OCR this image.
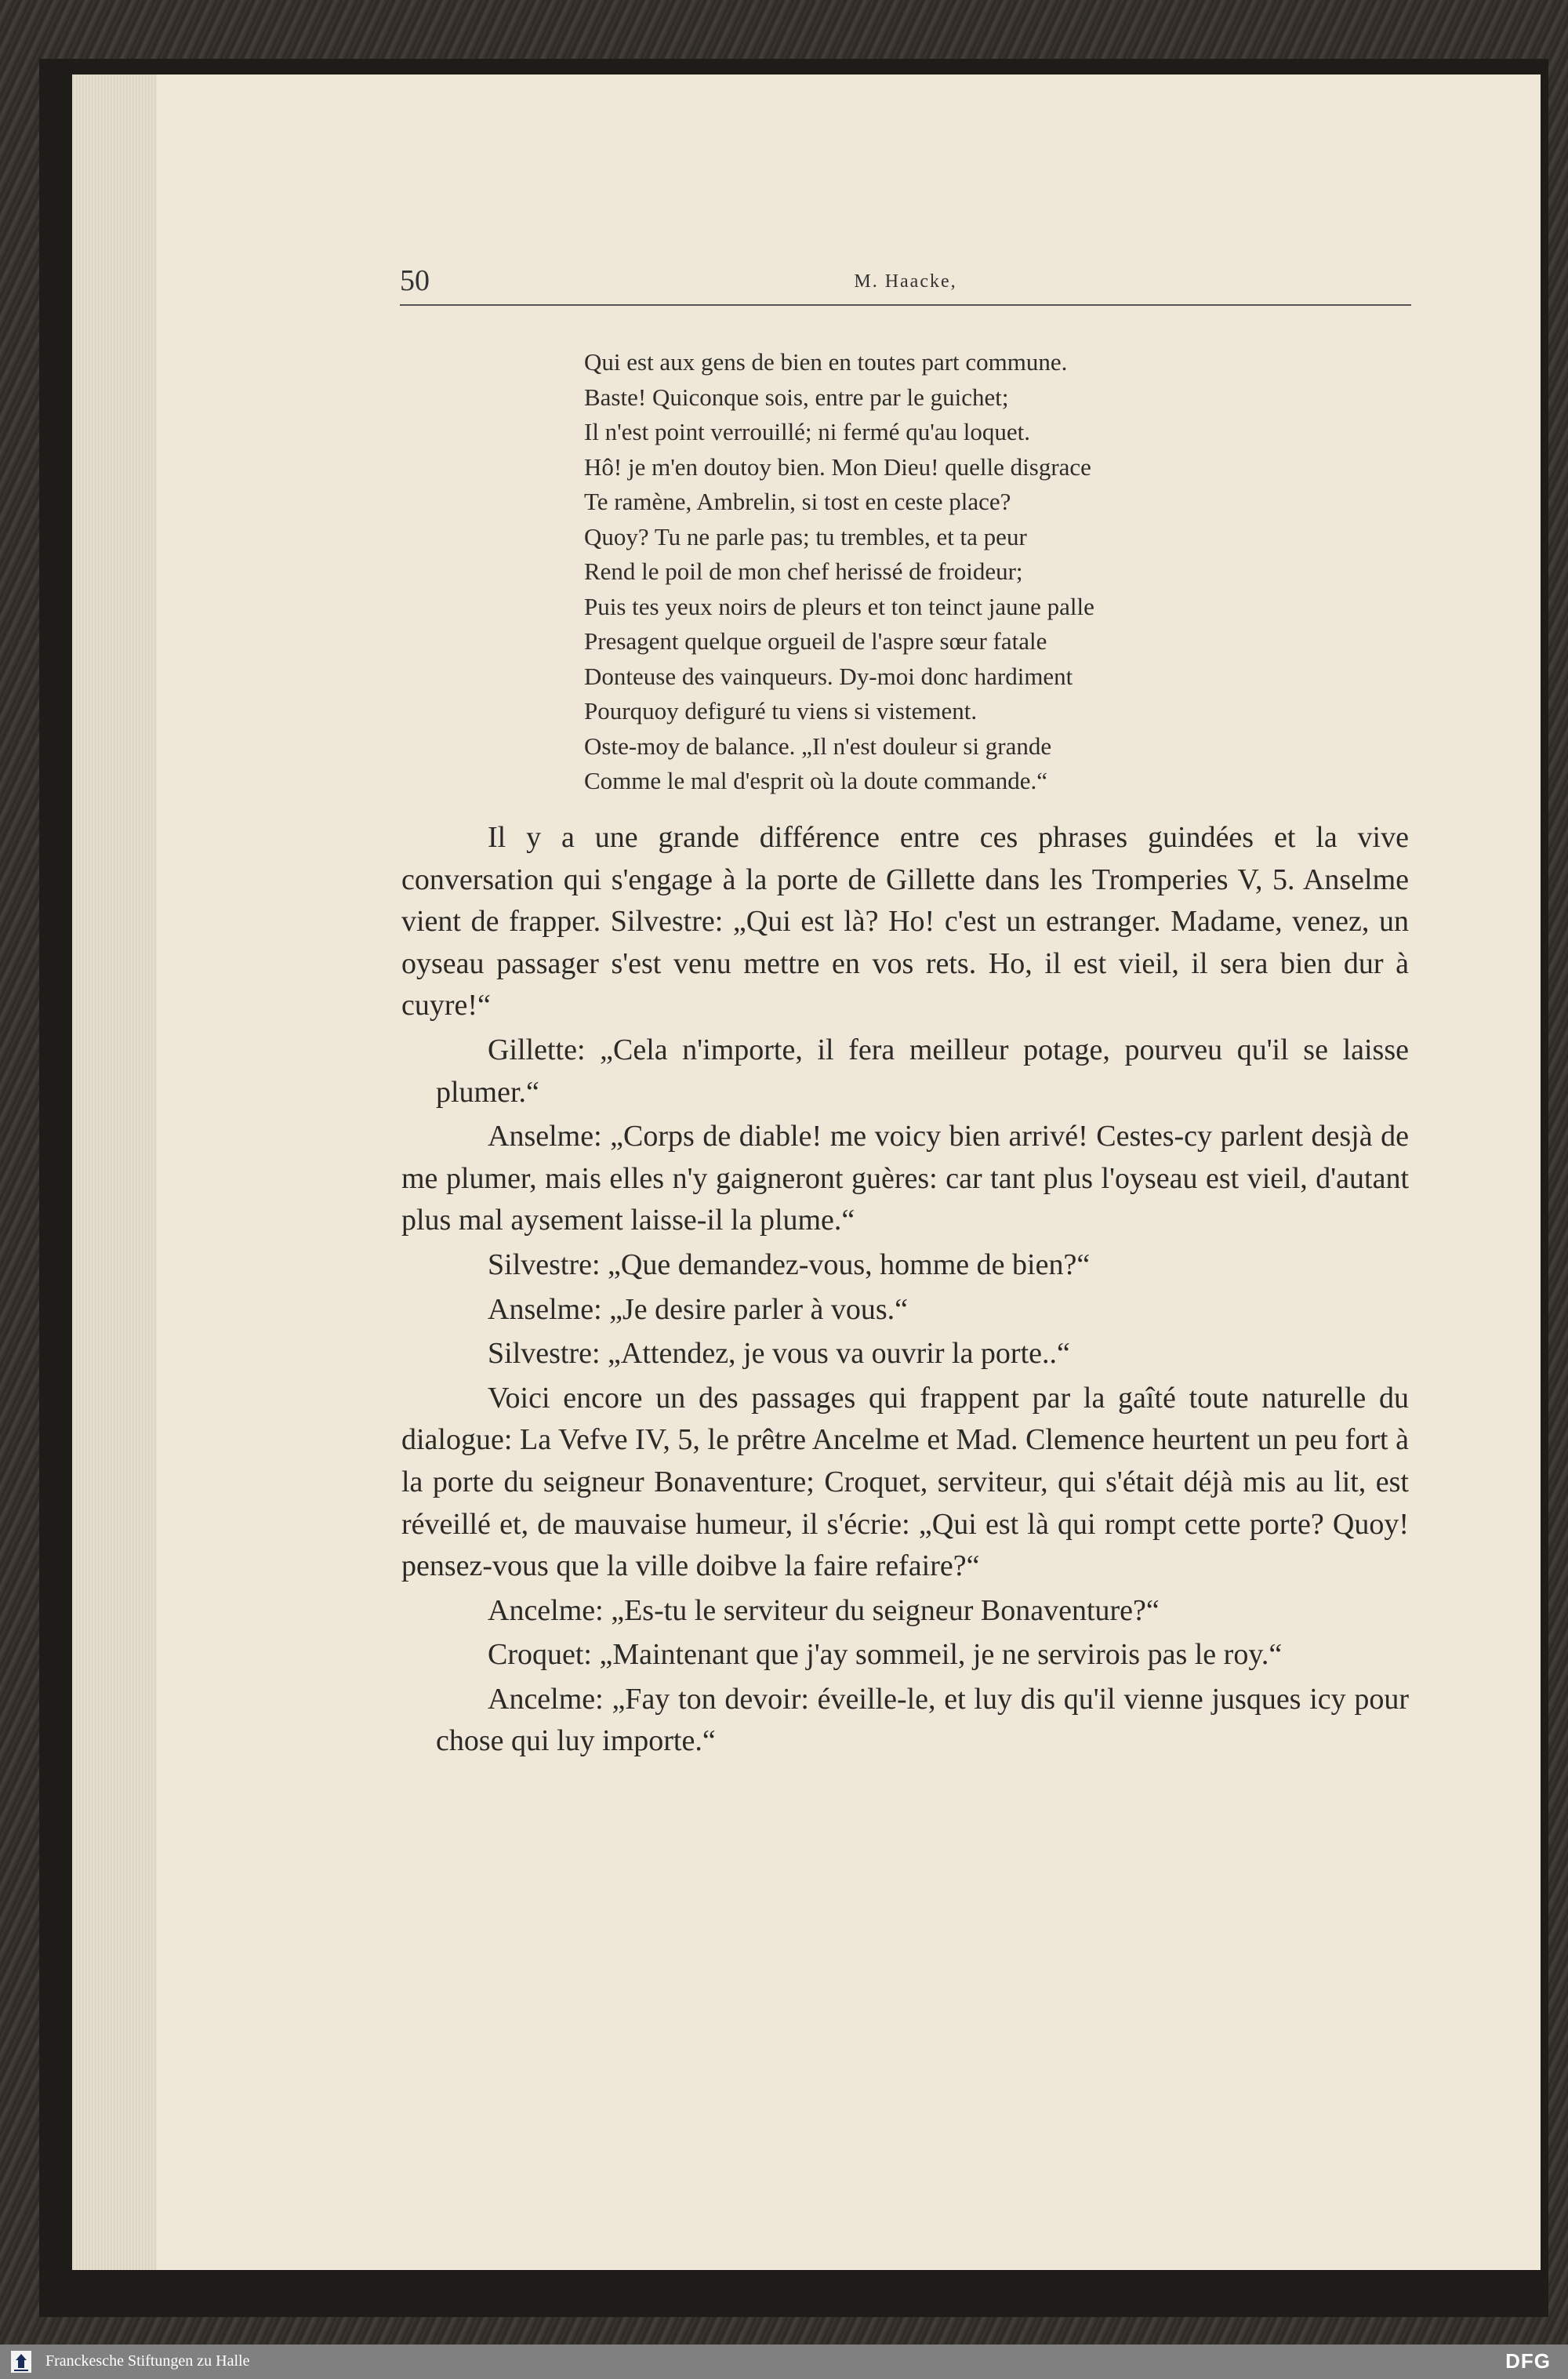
50	M. Haacke,
Qui est aux gens de bien en toutes part commune.
Baste! Quiconque sois, entre par le guichet;
Il n'est point verrouillé; ni fermé qu'au loquet.
Hô! je m'en doutoy bien. Mon Dieu! quelle disgrace
Te ramène, Ambrelin, si tost en ceste place?
Quoy? Tu ne parle pas; tu trembles, et ta peur
Rend le poil de mon chef herissé de froideur;
Puis tes yeux noirs de pleurs et ton teinct jaune palle
Presagent quelque orgueil de l'aspre sœur fatale
Donteuse des vainqueurs. Dy-moi donc hardiment
Pourquoy defiguré tu viens si vistement.
Oste-moy de balance. „Il n'est douleur si grande
Comme le mal d'esprit où la doute commande.“

Il y a une grande différence entre ces phrases guindées et la vive conversation qui s'engage à la porte de Gillette dans les Tromperies V, 5. Anselme vient de frapper. Silvestre: „Qui est là? Ho! c'est un estranger. Madame, venez, un oyseau passager s'est venu mettre en vos rets. Ho, il est vieil, il sera bien dur à cuyre!“

Gillette: „Cela n'importe, il fera meilleur potage, pourveu qu'il se laisse plumer.“

Anselme: „Corps de diable! me voicy bien arrivé! Cestes-cy parlent desjà de me plumer, mais elles n'y gaigneront guères: car tant plus l'oyseau est vieil, d'autant plus mal aysement laisse-il la plume.“

Silvestre: „Que demandez-vous, homme de bien?“

Anselme: „Je desire parler à vous.“

Silvestre: „Attendez, je vous va ouvrir la porte..“

Voici encore un des passages qui frappent par la gaîté toute naturelle du dialogue: La Vefve IV, 5, le prêtre Ancelme et Mad. Clemence heurtent un peu fort à la porte du seigneur Bonaventure; Croquet, serviteur, qui s'était déjà mis au lit, est réveillé et, de mauvaise humeur, il s'écrie: „Qui est là qui rompt cette porte? Quoy! pensez-vous que la ville doibve la faire refaire?“

Ancelme: „Es-tu le serviteur du seigneur Bonaventure?“

Croquet: „Maintenant que j'ay sommeil, je ne servirois pas le roy.“

Ancelme: „Fay ton devoir: éveille-le, et luy dis qu'il vienne jusques icy pour chose qui luy importe.“

Franckesche Stiftungen zu Halle	DFG
